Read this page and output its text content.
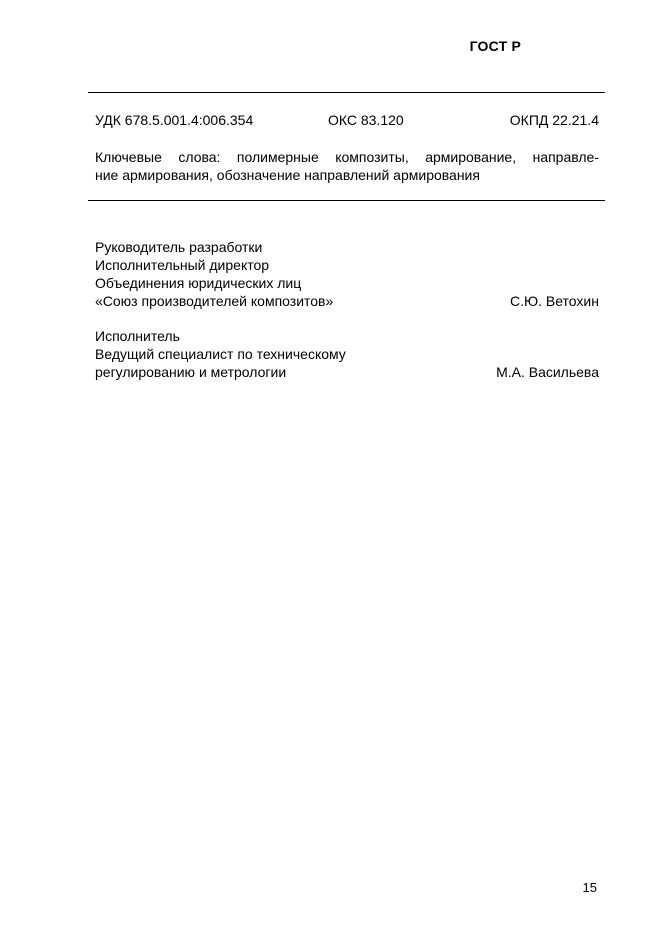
ГОСТ Р
УДК 678.5.001.4:006.354	ОКС 83.120	ОКПД 22.21.4
Ключевые слова: полимерные композиты, армирование, направле-
ние армирования, обозначение направлений армирования
Руководитель разработки
Исполнительный директор
Объединения юридических лиц
«Союз производителей композитов»	С.Ю. Ветохин
Исполнитель
Ведущий специалист по техническому
регулированию и метрологии	М.А. Васильева
15
